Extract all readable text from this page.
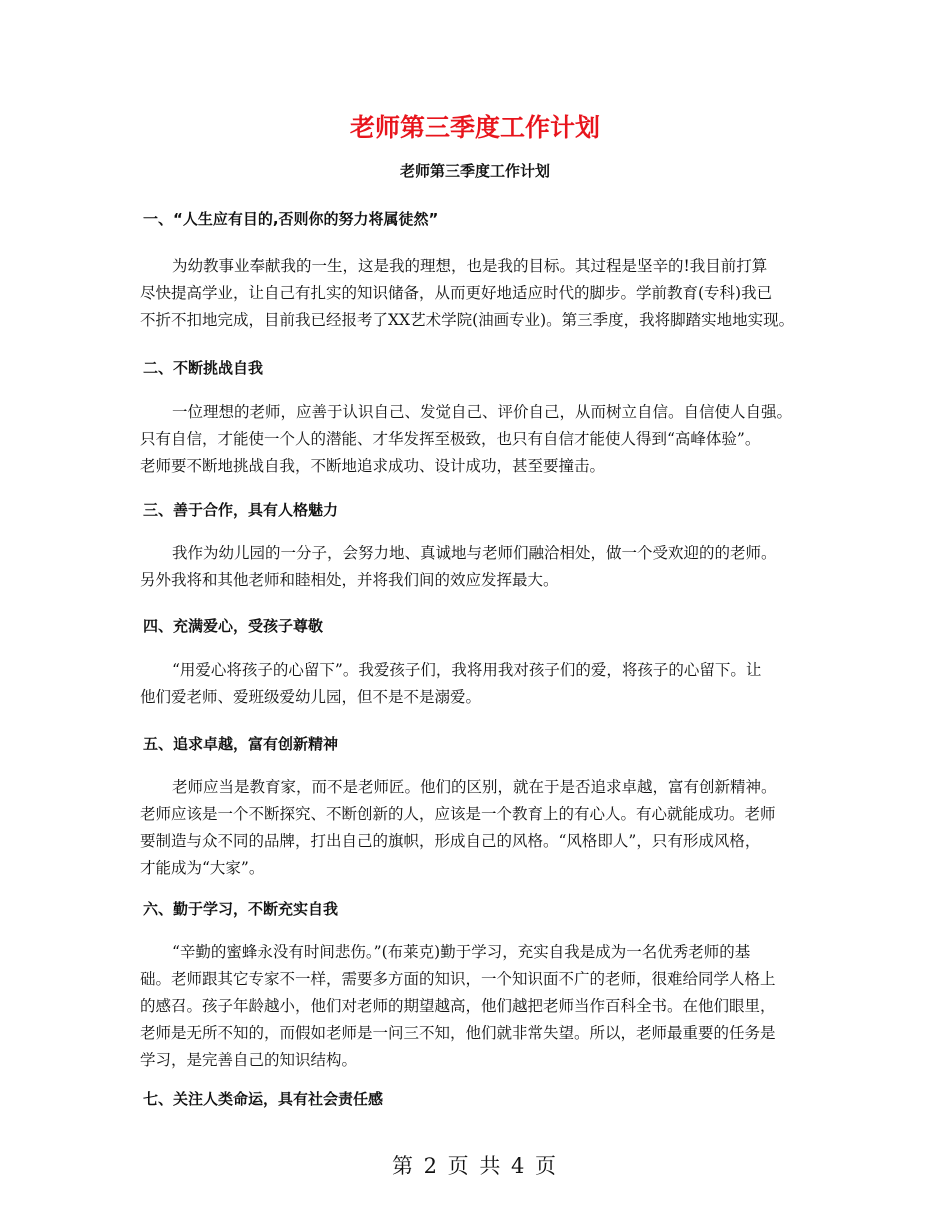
老师第三季度工作计划
老师第三季度工作计划
一、“人生应有目的,否则你的努力将属徒然”

为幼教事业奉献我的一生，这是我的理想，也是我的目标。其过程是坚辛的!我目前打算
尽快提高学业，让自己有扎实的知识储备，从而更好地适应时代的脚步。学前教育(专科)我已
不折不扣地完成，目前我已经报考了XX艺术学院(油画专业)。第三季度，我将脚踏实地地实现。

二、不断挑战自我

一位理想的老师，应善于认识自己、发觉自己、评价自己，从而树立自信。自信使人自强。
只有自信，才能使一个人的潜能、才华发挥至极致，也只有自信才能使人得到“高峰体验”。
老师要不断地挑战自我，不断地追求成功、设计成功，甚至要撞击。

三、善于合作，具有人格魅力

我作为幼儿园的一分子，会努力地、真诚地与老师们融洽相处，做一个受欢迎的的老师。
另外我将和其他老师和睦相处，并将我们间的效应发挥最大。

四、充满爱心，受孩子尊敬

“用爱心将孩子的心留下”。我爱孩子们，我将用我对孩子们的爱，将孩子的心留下。让
他们爱老师、爱班级爱幼儿园，但不是不是溺爱。

五、追求卓越，富有创新精神

老师应当是教育家，而不是老师匠。他们的区别，就在于是否追求卓越，富有创新精神。
老师应该是一个不断探究、不断创新的人，应该是一个教育上的有心人。有心就能成功。老师
要制造与众不同的品牌，打出自己的旗帜，形成自己的风格。“风格即人”，只有形成风格，
才能成为“大家”。

六、勤于学习，不断充实自我

“辛勤的蜜蜂永没有时间悲伤。”(布莱克)勤于学习，充实自我是成为一名优秀老师的基
础。老师跟其它专家不一样，需要多方面的知识，一个知识面不广的老师，很难给同学人格上
的感召。孩子年龄越小，他们对老师的期望越高，他们越把老师当作百科全书。在他们眼里，
老师是无所不知的，而假如老师是一问三不知，他们就非常失望。所以，老师最重要的任务是
学习，是完善自己的知识结构。

七、关注人类命运，具有社会责任感
第 2 页 共 4 页
